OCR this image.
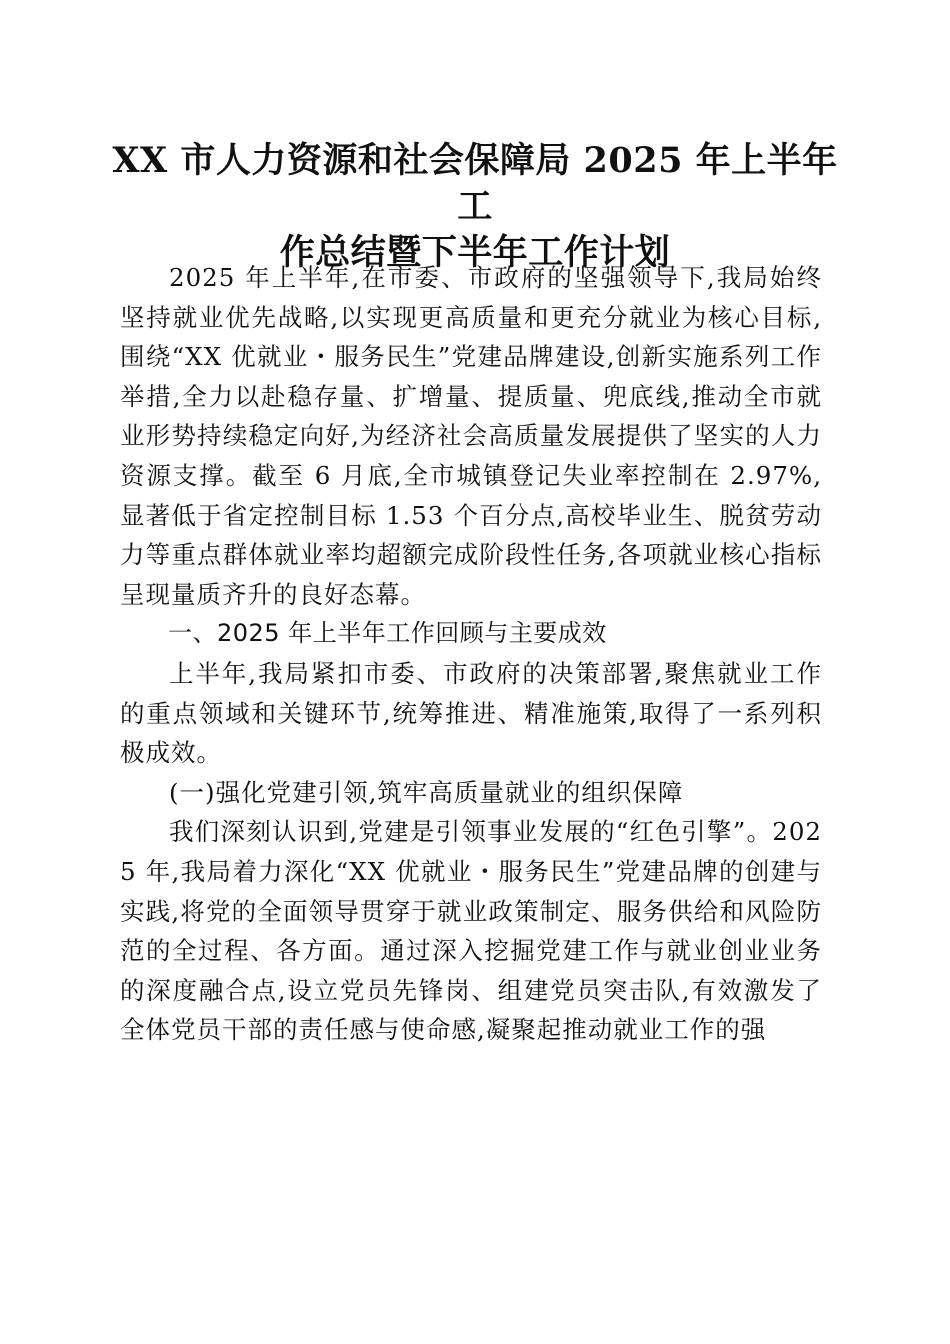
XX 市人力资源和社会保障局 2025 年上半年工
作总结暨下半年工作计划

2025 年上半年,在市委、市政府的坚强领导下,我局始终坚持就业优先战略,以实现更高质量和更充分就业为核心目标,围绕“XX 优就业・服务民生”党建品牌建设,创新实施系列工作举措,全力以赴稳存量、扩增量、提质量、兜底线,推动全市就业形势持续稳定向好,为经济社会高质量发展提供了坚实的人力资源支撑。截至 6 月底,全市城镇登记失业率控制在 2.97%,显著低于省定控制目标 1.53 个百分点,高校毕业生、脱贫劳动力等重点群体就业率均超额完成阶段性任务,各项就业核心指标呈现量质齐升的良好态幕。

一、2025 年上半年工作回顾与主要成效

上半年,我局紧扣市委、市政府的决策部署,聚焦就业工作的重点领域和关键环节,统筹推进、精准施策,取得了一系列积极成效。

(一)强化党建引领,筑牢高质量就业的组织保障

我们深刻认识到,党建是引领事业发展的“红色引擎”。2025 年,我局着力深化“XX 优就业・服务民生”党建品牌的创建与实践,将党的全面领导贯穿于就业政策制定、服务供给和风险防范的全过程、各方面。通过深入挖掘党建工作与就业创业业务的深度融合点,设立党员先锋岗、组建党员突击队,有效激发了全体党员干部的责任感与使命感,凝聚起推动就业工作的强
